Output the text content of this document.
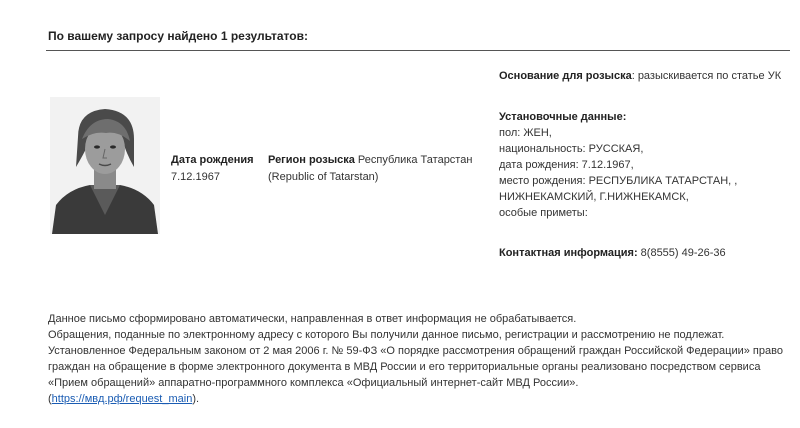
По вашему запросу найдено 1 результатов:
Дата рождения
7.12.1967
Регион розыска Республика Татарстан
(Republic of Tatarstan)
Основание для розыска: разыскивается по статье УК
Установочные данные:
пол: ЖЕН,
национальность: РУССКАЯ,
дата рождения: 7.12.1967,
место рождения: РЕСПУБЛИКА ТАТАРСТАН, ,
НИЖНЕКАМСКИЙ, Г.НИЖНЕКАМСК,
особые приметы:
Контактная информация: 8(8555) 49-26-36
Данное письмо сформировано автоматически, направленная в ответ информация не обрабатывается.
Обращения, поданные по электронному адресу с которого Вы получили данное письмо, регистрации и рассмотрению не подлежат.
Установленное Федеральным законом от 2 мая 2006 г. № 59-ФЗ «О порядке рассмотрения обращений граждан Российской Федерации» право
граждан на обращение в форме электронного документа в МВД России и его территориальные органы реализовано посредством сервиса
«Прием обращений» аппаратно-программного комплекса «Официальный интернет-сайт МВД России».
(https://мвд.рф/request_main).
